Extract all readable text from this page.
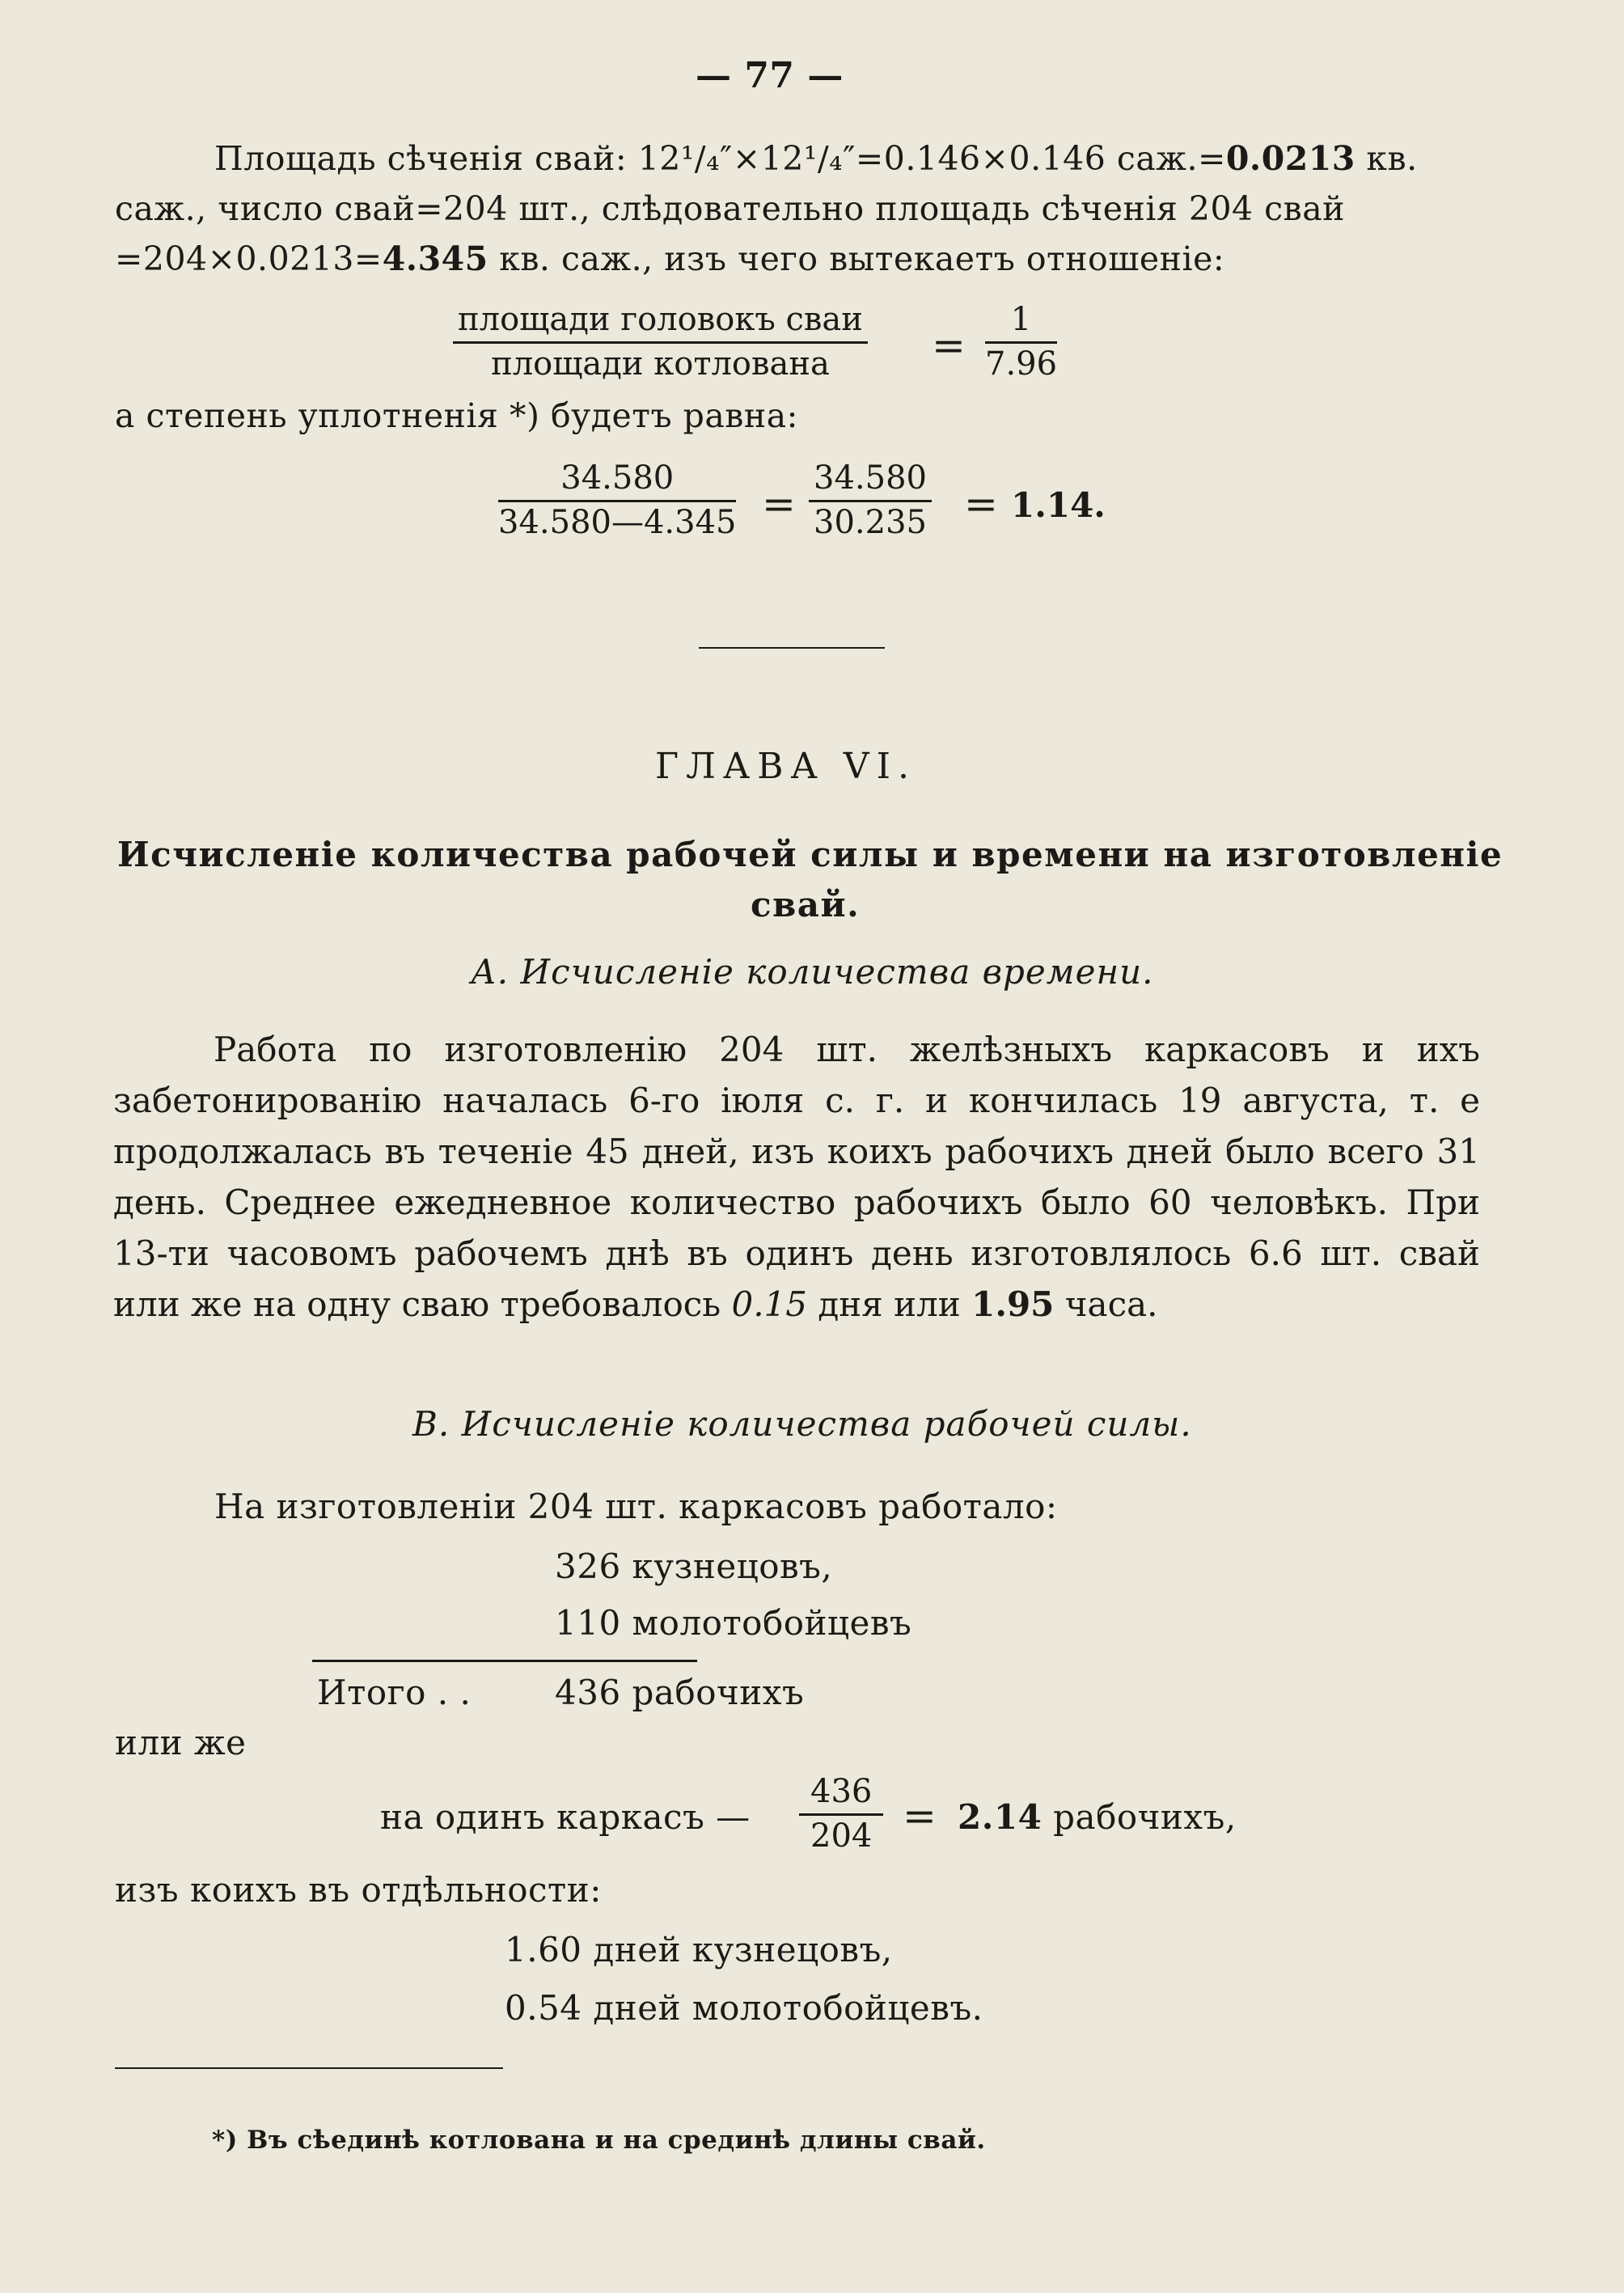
— 77 —
Площадь сѣченія свай: 12¹/₄″×12¹/₄″=0.146×0.146 саж.=0.0213 кв.
саж., число свай=204 шт., слѣдовательно площадь сѣченія 204 свай
=204×0.0213=4.345 кв. саж., изъ чего вытекаетъ отношеніе:
площади головокъ сваи
площади котлована	= $\frac{1}{7.96}$
а степень уплотненія *) будетъ равна:
$\frac{34.580}{34.580—4.345} = \frac{34.580}{30.235} = 1.14$.
ГЛАВА VI.
Исчисленіе количества рабочей силы и времени на изготовленіе
свай.
А. Исчисленіе количества времени.
Работа по изготовленію 204 шт. желѣзныхъ каркасовъ и ихъ забетонированію началась 6-го іюля с. г. и кончилась 19 августа, т. е продолжалась въ теченіе 45 дней, изъ коихъ рабочихъ дней было всего 31 день. Среднее ежедневное количество рабочихъ было 60 человѣкъ. При 13-ти часовомъ рабочемъ днѣ въ одинъ день изготовлялось 6.6 шт. свай или же на одну сваю требовалось 0.15 дня или 1.95 часа.
В. Исчисленіе количества рабочей силы.
На изготовленіи 204 шт. каркасовъ работало:
326 кузнецовъ,
110 молотобойцевъ
Итого . . 436 рабочихъ
или же
на одинъ каркасъ — $\frac{436}{204} = 2.14$ рабочихъ,
изъ коихъ въ отдѣльности:
1.60 дней кузнецовъ,
0.54 дней молотобойцевъ.
*) Въ сѣединѣ котлована и на срединѣ длины свай.
